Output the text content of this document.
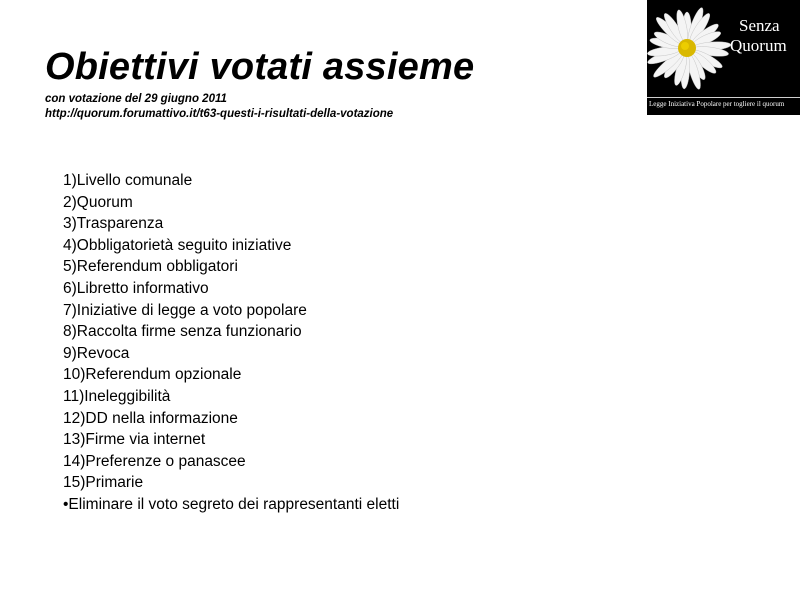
Obiettivi votati assieme
con votazione del 29 giugno 2011
http://quorum.forumattivo.it/t63-questi-i-risultati-della-votazione
Senza
Quorum
Legge Iniziativa Popolare per togliere il quorum
1)Livello comunale
2)Quorum
3)Trasparenza
4)Obbligatorietà seguito iniziative
5)Referendum obbligatori
6)Libretto informativo
7)Iniziative di legge a voto popolare
8)Raccolta firme senza funzionario
9)Revoca
10)Referendum opzionale
11)Ineleggibilità
12)DD nella informazione
13)Firme via internet
14)Preferenze o panascee
15)Primarie
•Eliminare il voto segreto dei rappresentanti eletti
